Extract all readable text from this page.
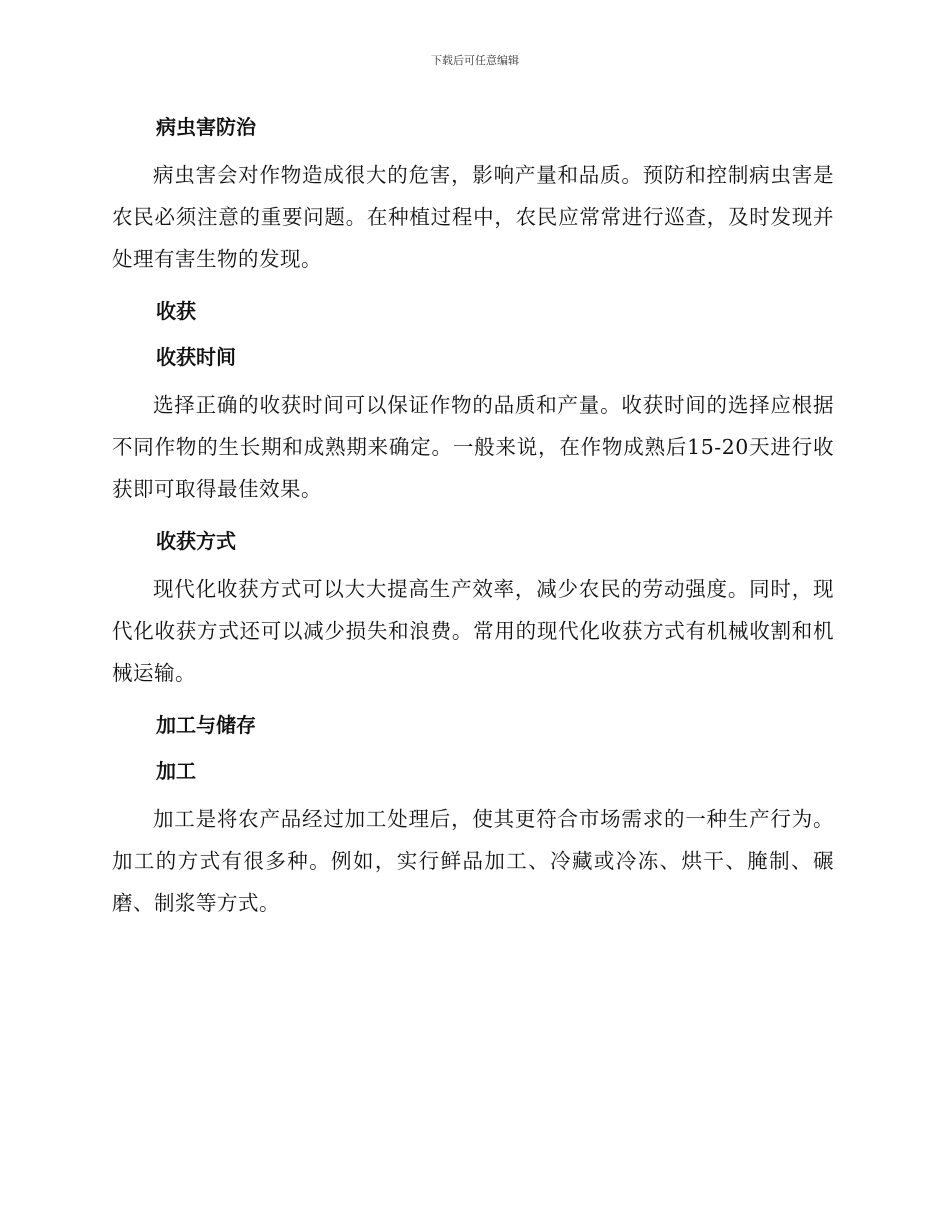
下载后可任意编辑
病虫害防治

病虫害会对作物造成很大的危害，影响产量和品质。预防和控制病虫害是农民必须注意的重要问题。在种植过程中，农民应常常进行巡查，及时发现并处理有害生物的发现。

收获
收获时间

选择正确的收获时间可以保证作物的品质和产量。收获时间的选择应根据不同作物的生长期和成熟期来确定。一般来说，在作物成熟后15-20天进行收获即可取得最佳效果。

收获方式

现代化收获方式可以大大提高生产效率，减少农民的劳动强度。同时，现代化收获方式还可以减少损失和浪费。常用的现代化收获方式有机械收割和机械运输。

加工与储存
加工

加工是将农产品经过加工处理后，使其更符合市场需求的一种生产行为。加工的方式有很多种。例如，实行鲜品加工、冷藏或冷冻、烘干、腌制、碾磨、制浆等方式。
